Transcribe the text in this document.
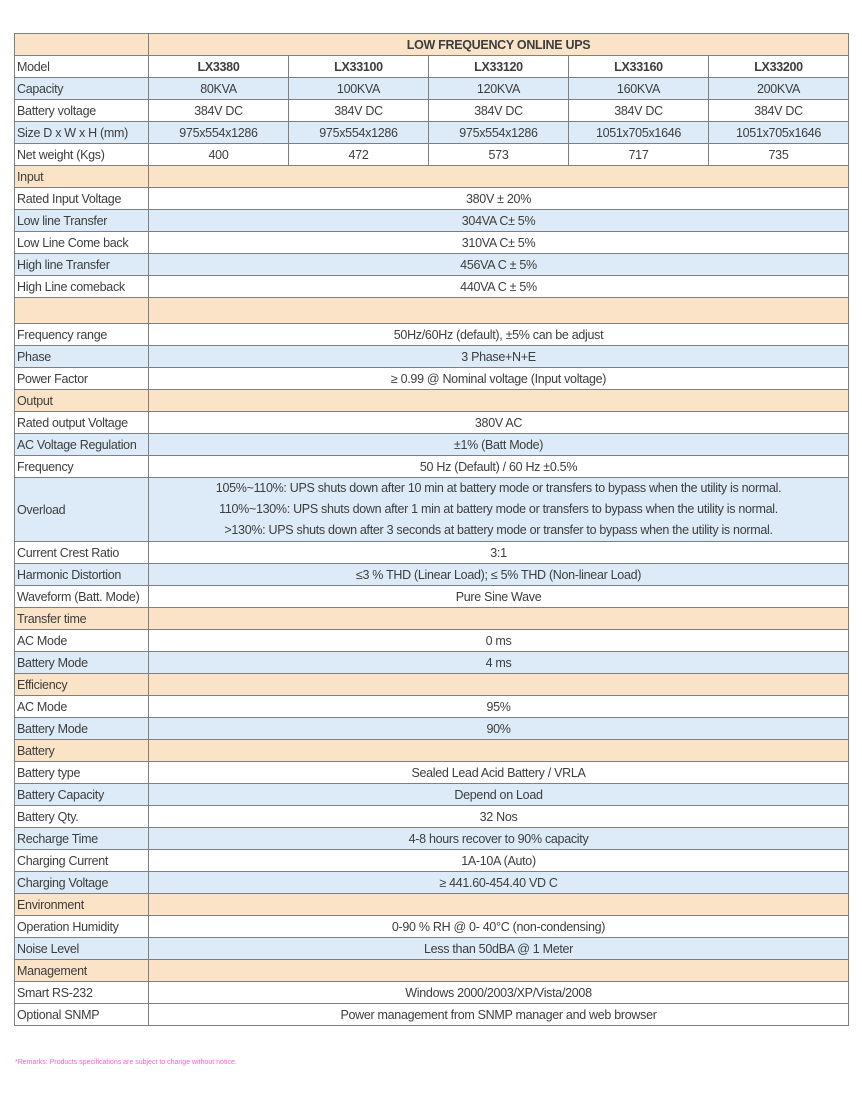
	LOW FREQUENCY ONLINE UPS				
Model	LX3380	LX33100	LX33120	LX33160	LX33200
Capacity	80KVA	100KVA	120KVA	160KVA	200KVA
Battery voltage	384V DC	384V DC	384V DC	384V DC	384V DC
Size D x W x H (mm)	975x554x1286	975x554x1286	975x554x1286	1051x705x1646	1051x705x1646
Net weight (Kgs)	400	472	573	717	735
Input					
Rated Input Voltage	380V ± 20%				
Low line Transfer	304VA C± 5%				
Low Line Come back	310VA C± 5%				
High line Transfer	456VA C ± 5%				
High Line comeback	440VA C ± 5%				

Frequency range	50Hz/60Hz (default), ±5% can be adjust				
Phase	3 Phase+N+E				
Power Factor	≥ 0.99 @ Nominal voltage (Input voltage)				
Output					
Rated output Voltage	380V AC				
AC Voltage Regulation	±1% (Batt Mode)				
Frequency	50 Hz (Default) / 60 Hz ±0.5%				
Overload	105%~110%: UPS shuts down after 10 min at battery mode or transfers to bypass when the utility is normal.
110%~130%: UPS shuts down after 1 min at battery mode or transfers to bypass when the utility is normal.
>130%: UPS shuts down after 3 seconds at battery mode or transfer to bypass when the utility is normal.				

Current Crest Ratio	3:1				
Harmonic Distortion	≤3 % THD (Linear Load); ≤ 5% THD (Non-linear Load)				
Waveform (Batt. Mode)	Pure Sine Wave				
Transfer time					
AC Mode	0 ms				
Battery Mode	4 ms				
Efficiency					
AC Mode	95%				
Battery Mode	90%				
Battery					
Battery type	Sealed Lead Acid Battery / VRLA				
Battery Capacity	Depend on Load				
Battery Qty.	32 Nos				
Recharge Time	4-8 hours recover to 90% capacity				
Charging Current	1A-10A (Auto)				
Charging Voltage	≥ 441.60-454.40 VD C				
Environment					
Operation Humidity	0-90 % RH @ 0- 40°C (non-condensing)				
Noise Level	Less than 50dBA @ 1 Meter				
Management					
Smart RS-232	Windows 2000/2003/XP/Vista/2008				
Optional SNMP	Power management from SNMP manager and web browser				
*Remarks: Products specifications are subject to change without notice.
